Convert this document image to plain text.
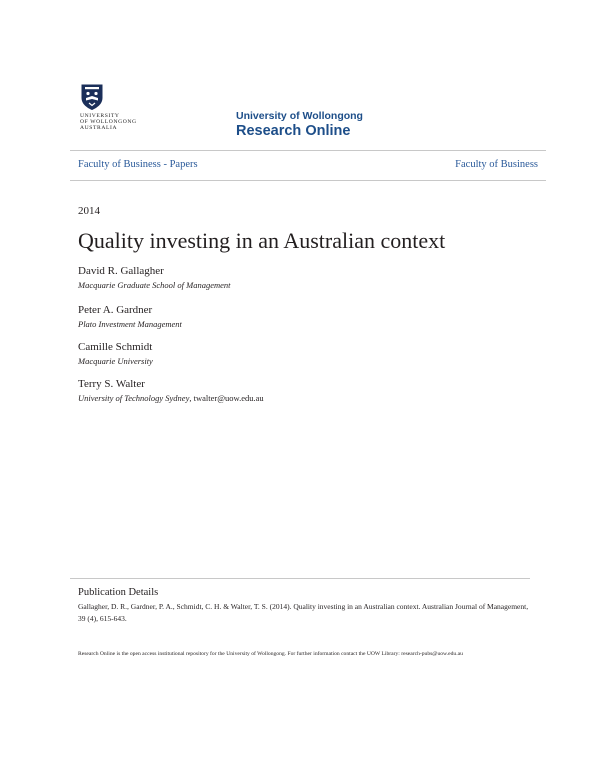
UNIVERSITY
OF WOLLONGONG
AUSTRALIA
University of Wollongong
Research Online
Faculty of Business - Papers	Faculty of Business
2014
Quality investing in an Australian context
David R. Gallagher
Macquarie Graduate School of Management
Peter A. Gardner
Plato Investment Management
Camille Schmidt
Macquarie University
Terry S. Walter
University of Technology Sydney, twalter@uow.edu.au
Publication Details
Gallagher, D. R., Gardner, P. A., Schmidt, C. H. & Walter, T. S. (2014). Quality investing in an Australian context. Australian Journal of Management, 39 (4), 615-643.
Research Online is the open access institutional repository for the University of Wollongong. For further information contact the UOW Library: research-pubs@uow.edu.au
